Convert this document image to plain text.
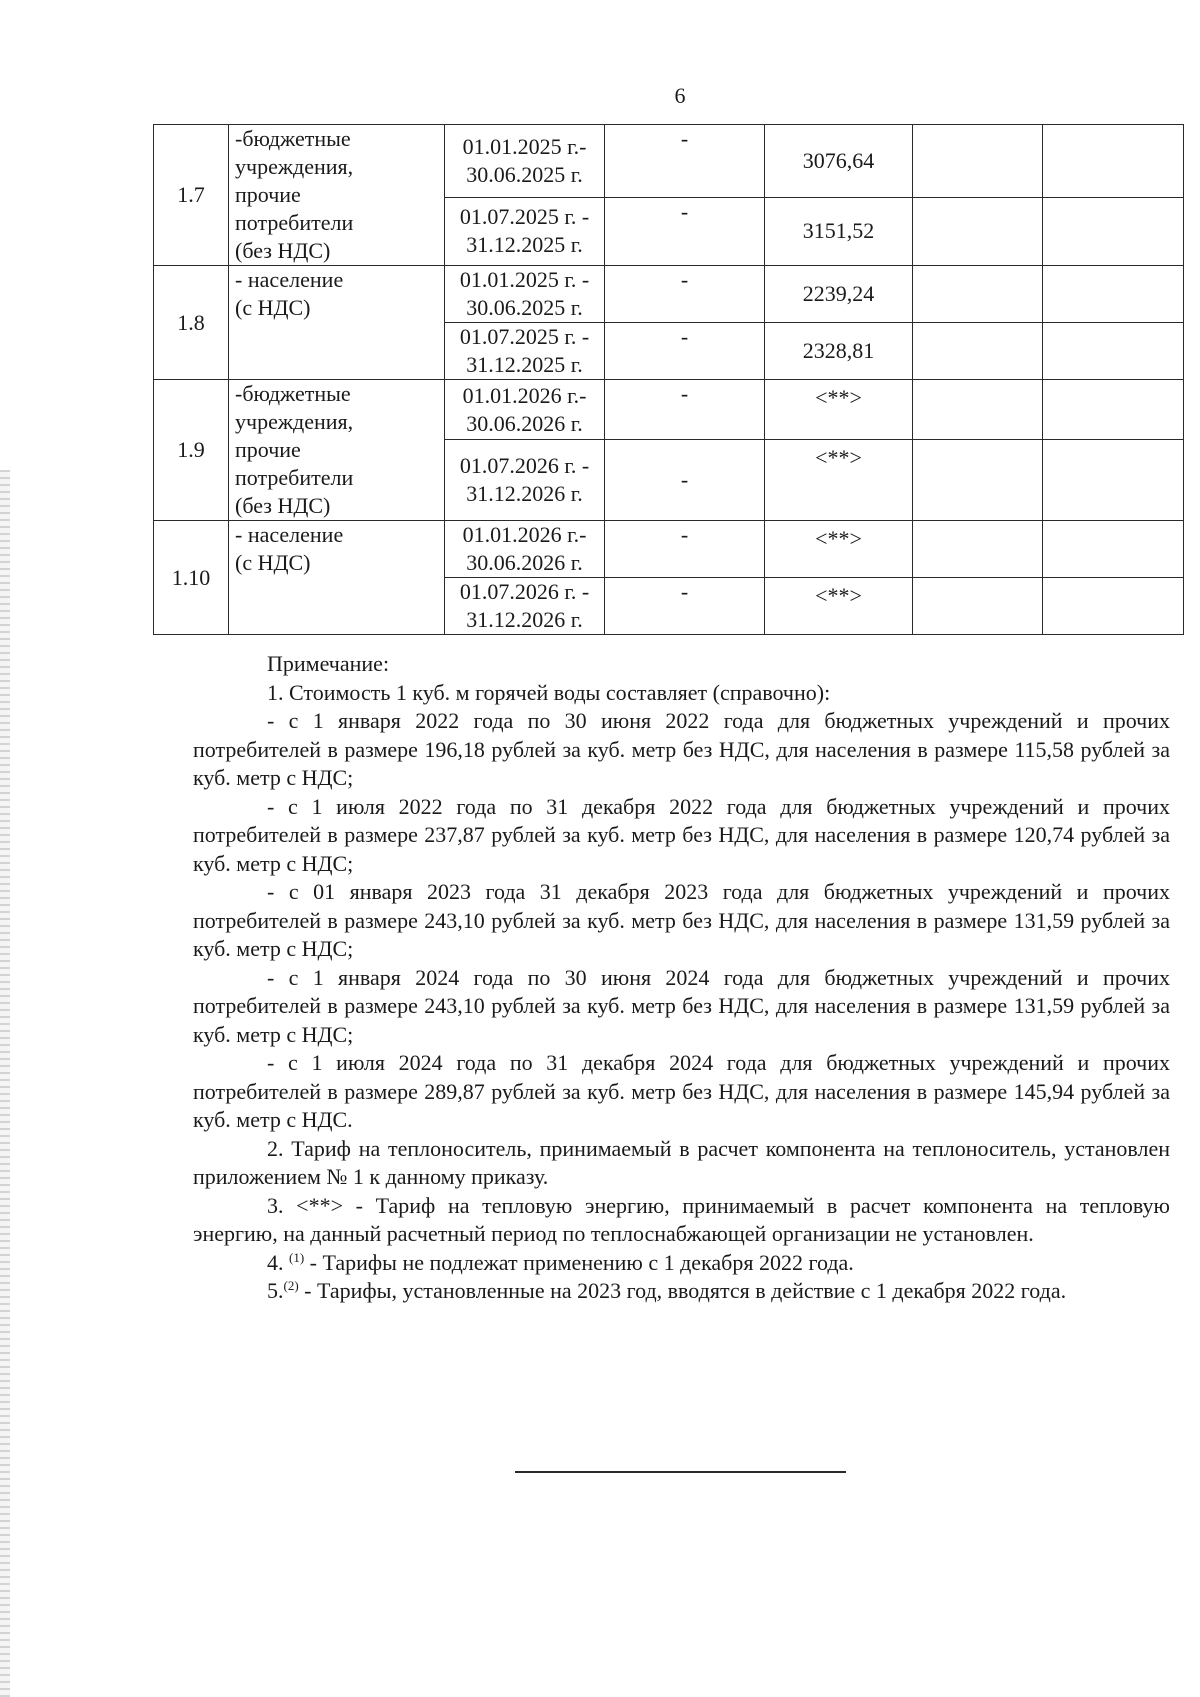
6
1.7	-бюджетные
учреждения,
прочие
потребители
(без НДС)	01.01.2025 г.-
30.06.2025 г.	-	3076,64		

		01.07.2025 г. -
31.12.2025 г.	-	3151,52		
1.8	- население
(с НДС)	01.01.2025 г. -
30.06.2025 г.	-	2239,24		

		01.07.2025 г. -
31.12.2025 г.	-	2328,81		
1.9	-бюджетные
учреждения,
прочие
потребители
(без НДС)	01.01.2026 г.-
30.06.2026 г.	-	<**>		

		01.07.2026 г. -
31.12.2026 г.	-	<**>		
1.10	- население
(с НДС)	01.01.2026 г.-
30.06.2026 г.	-	<**>		

		01.07.2026 г. -
31.12.2026 г.	-	<**>		

Примечание:

1. Стоимость 1 куб. м горячей воды составляет (справочно):

- с 1 января 2022 года по 30 июня 2022 года для бюджетных учреждений и прочих потребителей в размере 196,18 рублей за куб. метр без НДС, для населения в размере 115,58 рублей за куб. метр с НДС;

- с 1 июля 2022 года по 31 декабря 2022 года для бюджетных учреждений и прочих потребителей в размере 237,87 рублей за куб. метр без НДС, для населения в размере 120,74 рублей за куб. метр с НДС;

- с 01 января 2023 года 31 декабря 2023 года для бюджетных учреждений и прочих потребителей в размере 243,10 рублей за куб. метр без НДС, для населения в размере 131,59 рублей за куб. метр с НДС;

- с 1 января 2024 года по 30 июня 2024 года для бюджетных учреждений и прочих потребителей в размере 243,10 рублей за куб. метр без НДС, для населения в размере 131,59 рублей за куб. метр с НДС;

- с 1 июля 2024 года по 31 декабря 2024 года для бюджетных учреждений и прочих потребителей в размере 289,87 рублей за куб. метр без НДС, для населения в размере 145,94 рублей за куб. метр с НДС.

2. Тариф на теплоноситель, принимаемый в расчет компонента на теплоноситель, установлен приложением № 1 к данному приказу.

3. <**> - Тариф на тепловую энергию, принимаемый в расчет компонента на тепловую энергию, на данный расчетный период по теплоснабжающей организации не установлен.

4. $^{(1)}$ - Тарифы не подлежат применению с 1 декабря 2022 года.

5.$^{(2)}$ - Тарифы, установленные на 2023 год, вводятся в действие с 1 декабря 2022 года.
